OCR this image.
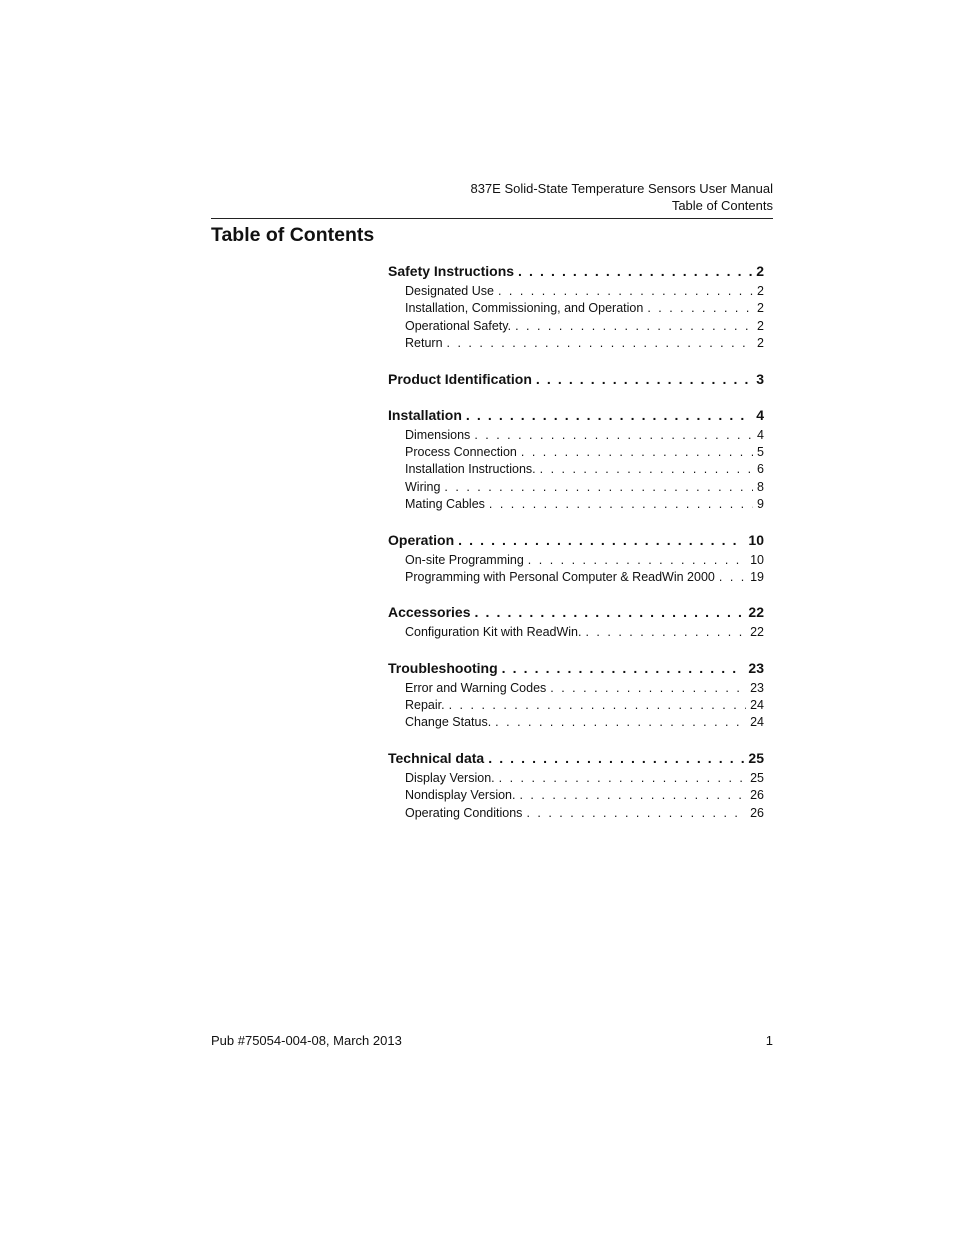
837E Solid-State Temperature Sensors User Manual
Table of Contents
Table of Contents
Safety Instructions . . .	2
Designated Use . . .	2
Installation, Commissioning, and Operation . . .	2
Operational Safety. . . .	2
Return . . .	2
Product Identification . . .	3
Installation . . .	4
Dimensions . . .	4
Process Connection . . .	5
Installation Instructions. . . .	6
Wiring . . .	8
Mating Cables . . .	9
Operation . . .	10
On-site Programming . . .	10
Programming with Personal Computer & ReadWin 2000 . . .	19
Accessories . . .	22
Configuration Kit with ReadWin. . . .	22
Troubleshooting . . .	23
Error and Warning Codes . . .	23
Repair. . . .	24
Change Status. . . .	24
Technical data . . .	25
Display Version. . . .	25
Nondisplay Version. . . .	26
Operating Conditions . . .	26
Pub #75054-004-08, March 2013	1
